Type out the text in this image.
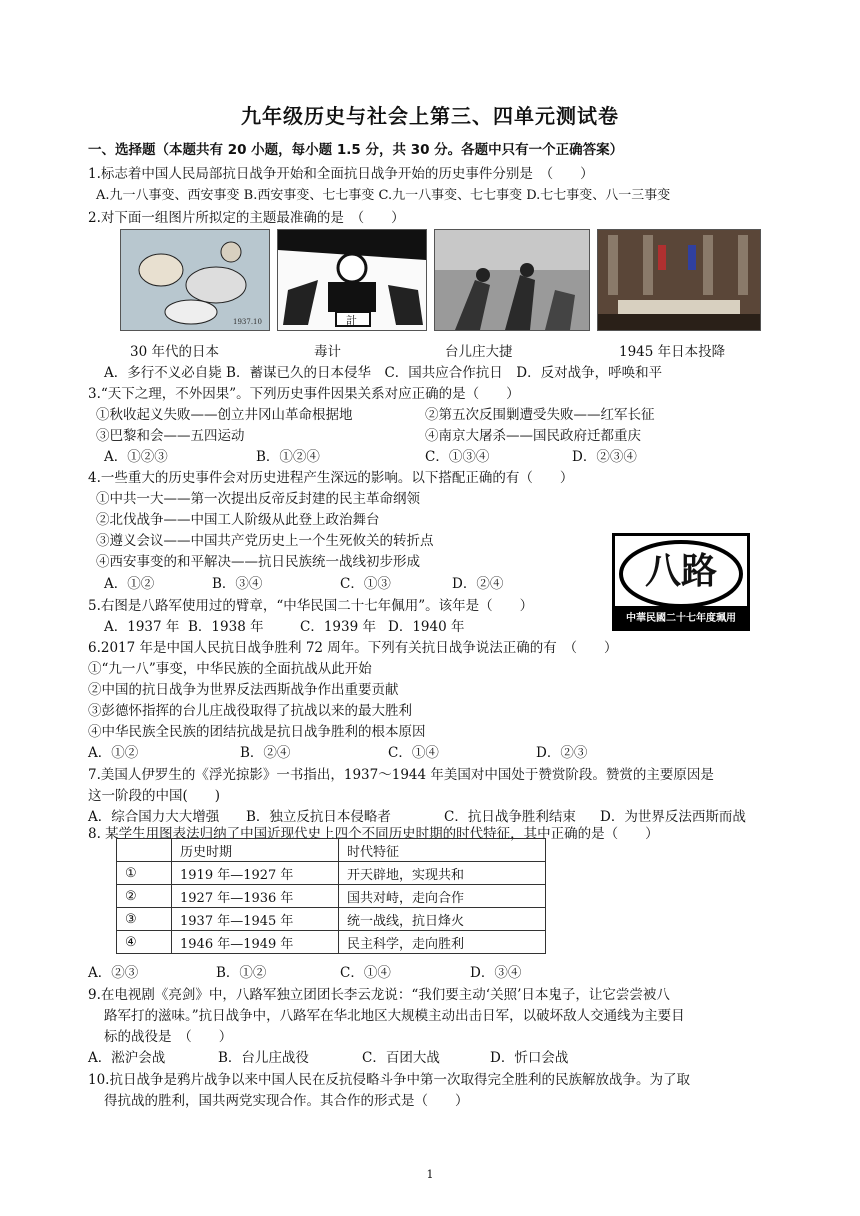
九年级历史与社会上第三、四单元测试卷
一、选择题（本题共有 20 小题，每小题 1.5 分，共 30 分。各题中只有一个正确答案）
1.标志着中国人民局部抗日战争开始和全面抗日战争开始的历史事件分别是　（　　）
A.九一八事变、西安事变 B.西安事变、七七事变 C.九一八事变、七七事变 D.七七事变、八一三事变
2.对下面一组图片所拟定的主题最准确的是　（　　）
1937.10	計
30 年代的日本	毒计	台儿庄大捷	1945 年日本投降
A．多行不义必自毙 B．蓄谋已久的日本侵华　C．国共应合作抗日　D．反对战争，呼唤和平
3.“天下之理，不外因果”。下列历史事件因果关系对应正确的是（　　）
①秋收起义失败——创立井冈山革命根据地	②第五次反围剿遭受失败——红军长征
③巴黎和会——五四运动	④南京大屠杀——国民政府迁都重庆
A．①②③	B．①②④	C．①③④	D．②③④
4.一些重大的历史事件会对历史进程产生深远的影响。以下搭配正确的有（　　）
①中共一大——第一次提出反帝反封建的民主革命纲领
②北伐战争——中国工人阶级从此登上政治舞台
③遵义会议——中国共产党历史上一个生死攸关的转折点
④西安事变的和平解决——抗日民族统一战线初步形成
A．①②	B．③④	C．①③	D．②④	八路
中華民國二十七年度珮用
5.右图是八路军使用过的臂章，“中华民国二十七年佩用”。该年是（　　）
A．1937 年 B．1938 年	C．1939 年 D．1940 年
6.2017 年是中国人民抗日战争胜利 72 周年。下列有关抗日战争说法正确的有　（　　）
①“九一八”事变，中华民族的全面抗战从此开始
②中国的抗日战争为世界反法西斯战争作出重要贡献
③彭德怀指挥的台儿庄战役取得了抗战以来的最大胜利
④中华民族全民族的团结抗战是抗日战争胜利的根本原因
A．①②	B．②④	C．①④	D．②③
7.美国人伊罗生的《浮光掠影》一书指出，1937～1944 年美国对中国处于赞赏阶段。赞赏的主要原因是
这一阶段的中国(　　)
A．综合国力大大增强 B．独立反抗日本侵略者	C．抗日战争胜利结束 D．为世界反法西斯而战
8. 某学生用图表法归纳了中国近现代史上四个不同历史时期的时代特征，其中正确的是（　　）
	历史时期	时代特征
①	1919 年—1927 年	开天辟地，实现共和
②	1927 年—1936 年	国共对峙，走向合作
③	1937 年—1945 年	统一战线，抗日烽火
④	1946 年—1949 年	民主科学，走向胜利
A．②③	B．①②	C．①④	D．③④
9.在电视剧《亮剑》中，八路军独立团团长李云龙说：“我们要主动‘关照’日本鬼子，让它尝尝被八
路军打的滋味。”抗日战争中，八路军在华北地区大规模主动出击日军，以破坏敌人交通线为主要目
标的战役是　（　　）
A．淞沪会战	B．台儿庄战役	C．百团大战	D．忻口会战
10.抗日战争是鸦片战争以来中国人民在反抗侵略斗争中第一次取得完全胜利的民族解放战争。为了取
得抗战的胜利，国共两党实现合作。其合作的形式是（　　）
1
